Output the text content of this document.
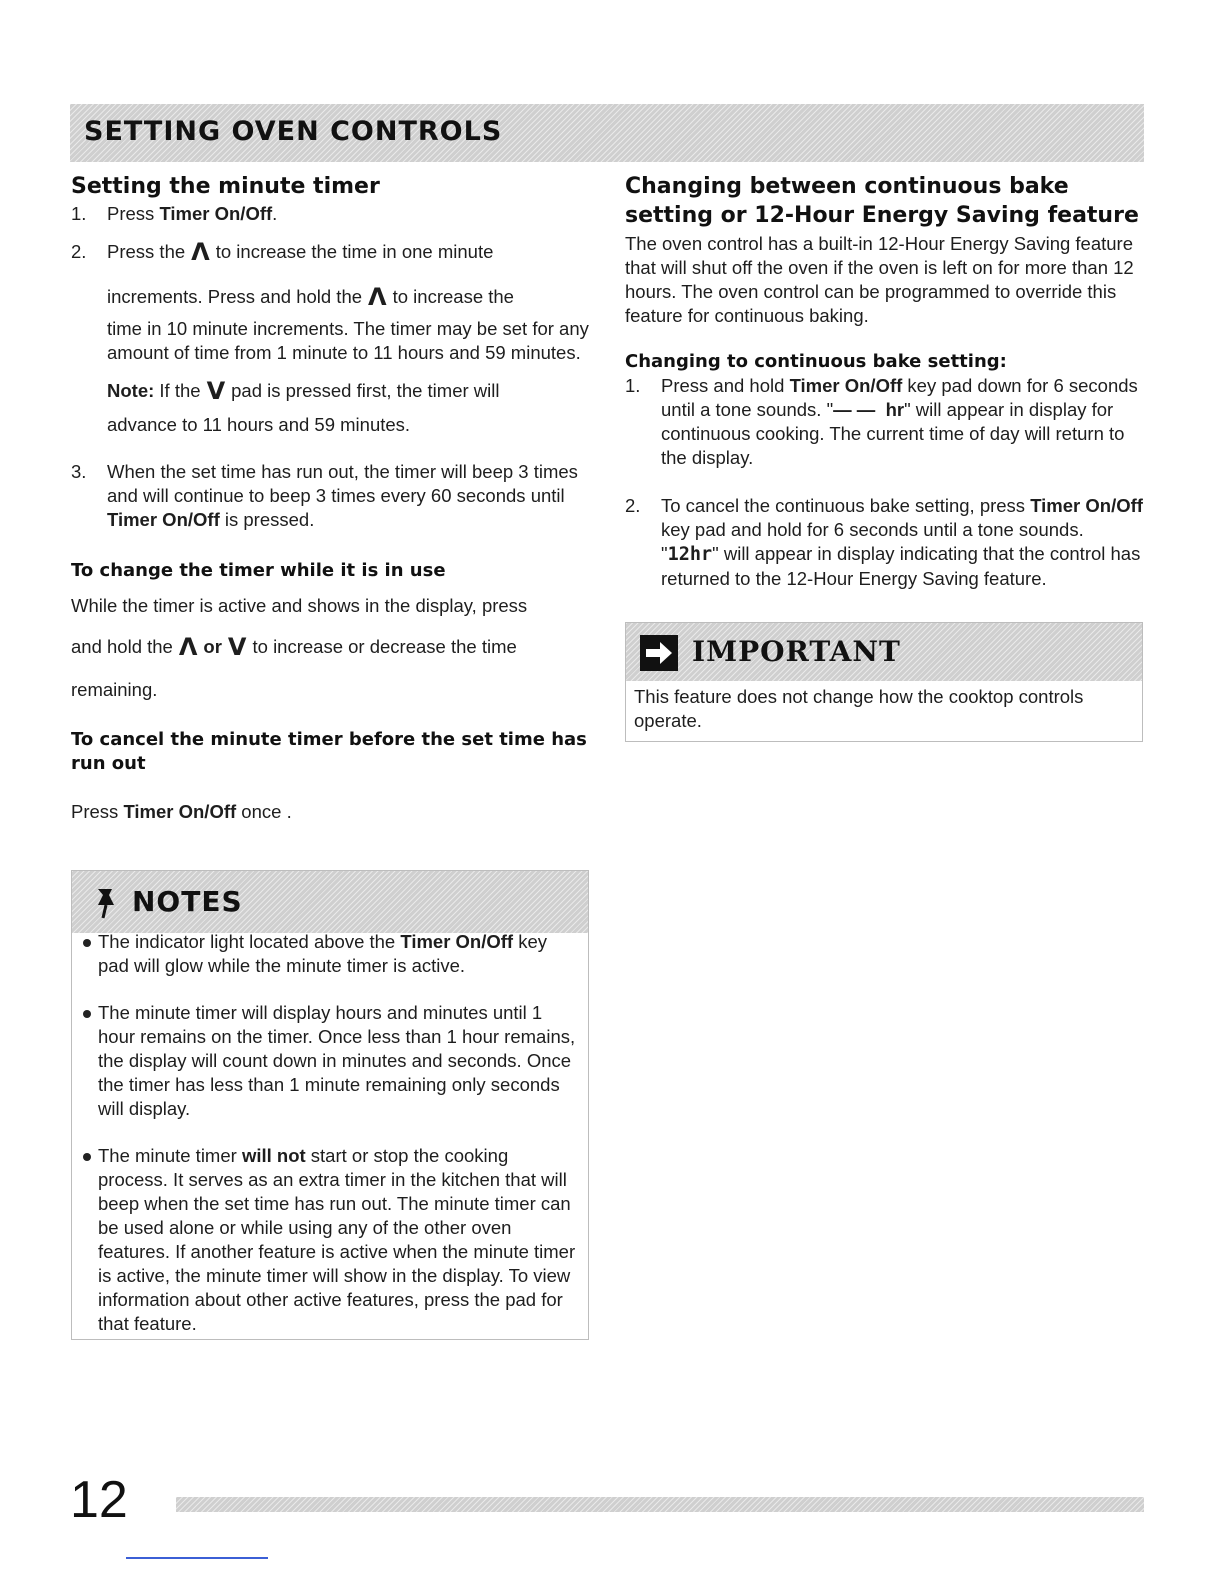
SETTING OVEN CONTROLS
Setting the minute timer
1. Press Timer On/Off.
2. Press the Λ to increase the time in one minute
increments. Press and hold the Λ to increase the

time in 10 minute increments. The timer may be set for any amount of time from 1 minute to 11 hours and 59 minutes.

Note: If the V pad is pressed first, the timer will

advance to 11 hours and 59 minutes.

3. When the set time has run out, the timer will beep 3 times and will continue to beep 3 times every 60 seconds until Timer On/Off is pressed.
To change the timer while it is in use

While the timer is active and shows in the display, press

and hold the Λ or V to increase or decrease the time

remaining.

To cancel the minute timer before the set time has run out

Press Timer On/Off once .

NOTES
The indicator light located above the Timer On/Off key pad will glow while the minute timer is active.
The minute timer will display hours and minutes until 1 hour remains on the timer. Once less than 1 hour remains, the display will count down in minutes and seconds. Once the timer has less than 1 minute remaining only seconds will display.
The minute timer will not start or stop the cooking process. It serves as an extra timer in the kitchen that will beep when the set time has run out. The minute timer can be used alone or while using any of the other oven features. If another feature is active when the minute timer is active, the minute timer will show in the display. To view information about other active features, press the pad for that feature.
Changing between continuous bake setting or 12-Hour Energy Saving feature

The oven control has a built-in 12-Hour Energy Saving feature that will shut off the oven if the oven is left on for more than 12 hours. The oven control can be programmed to override this feature for continuous baking.

Changing to continuous bake setting:
1. Press and hold Timer On/Off key pad down for 6 seconds until a tone sounds. "— — hr" will appear in display for continuous cooking. The current time of day will return to the display.
2. To cancel the continuous bake setting, press Timer On/Off key pad and hold for 6 seconds until a tone sounds. "12hr" will appear in display indicating that the control has returned to the 12-Hour Energy Saving feature.
IMPORTANT

This feature does not change how the cooktop controls operate.

12
